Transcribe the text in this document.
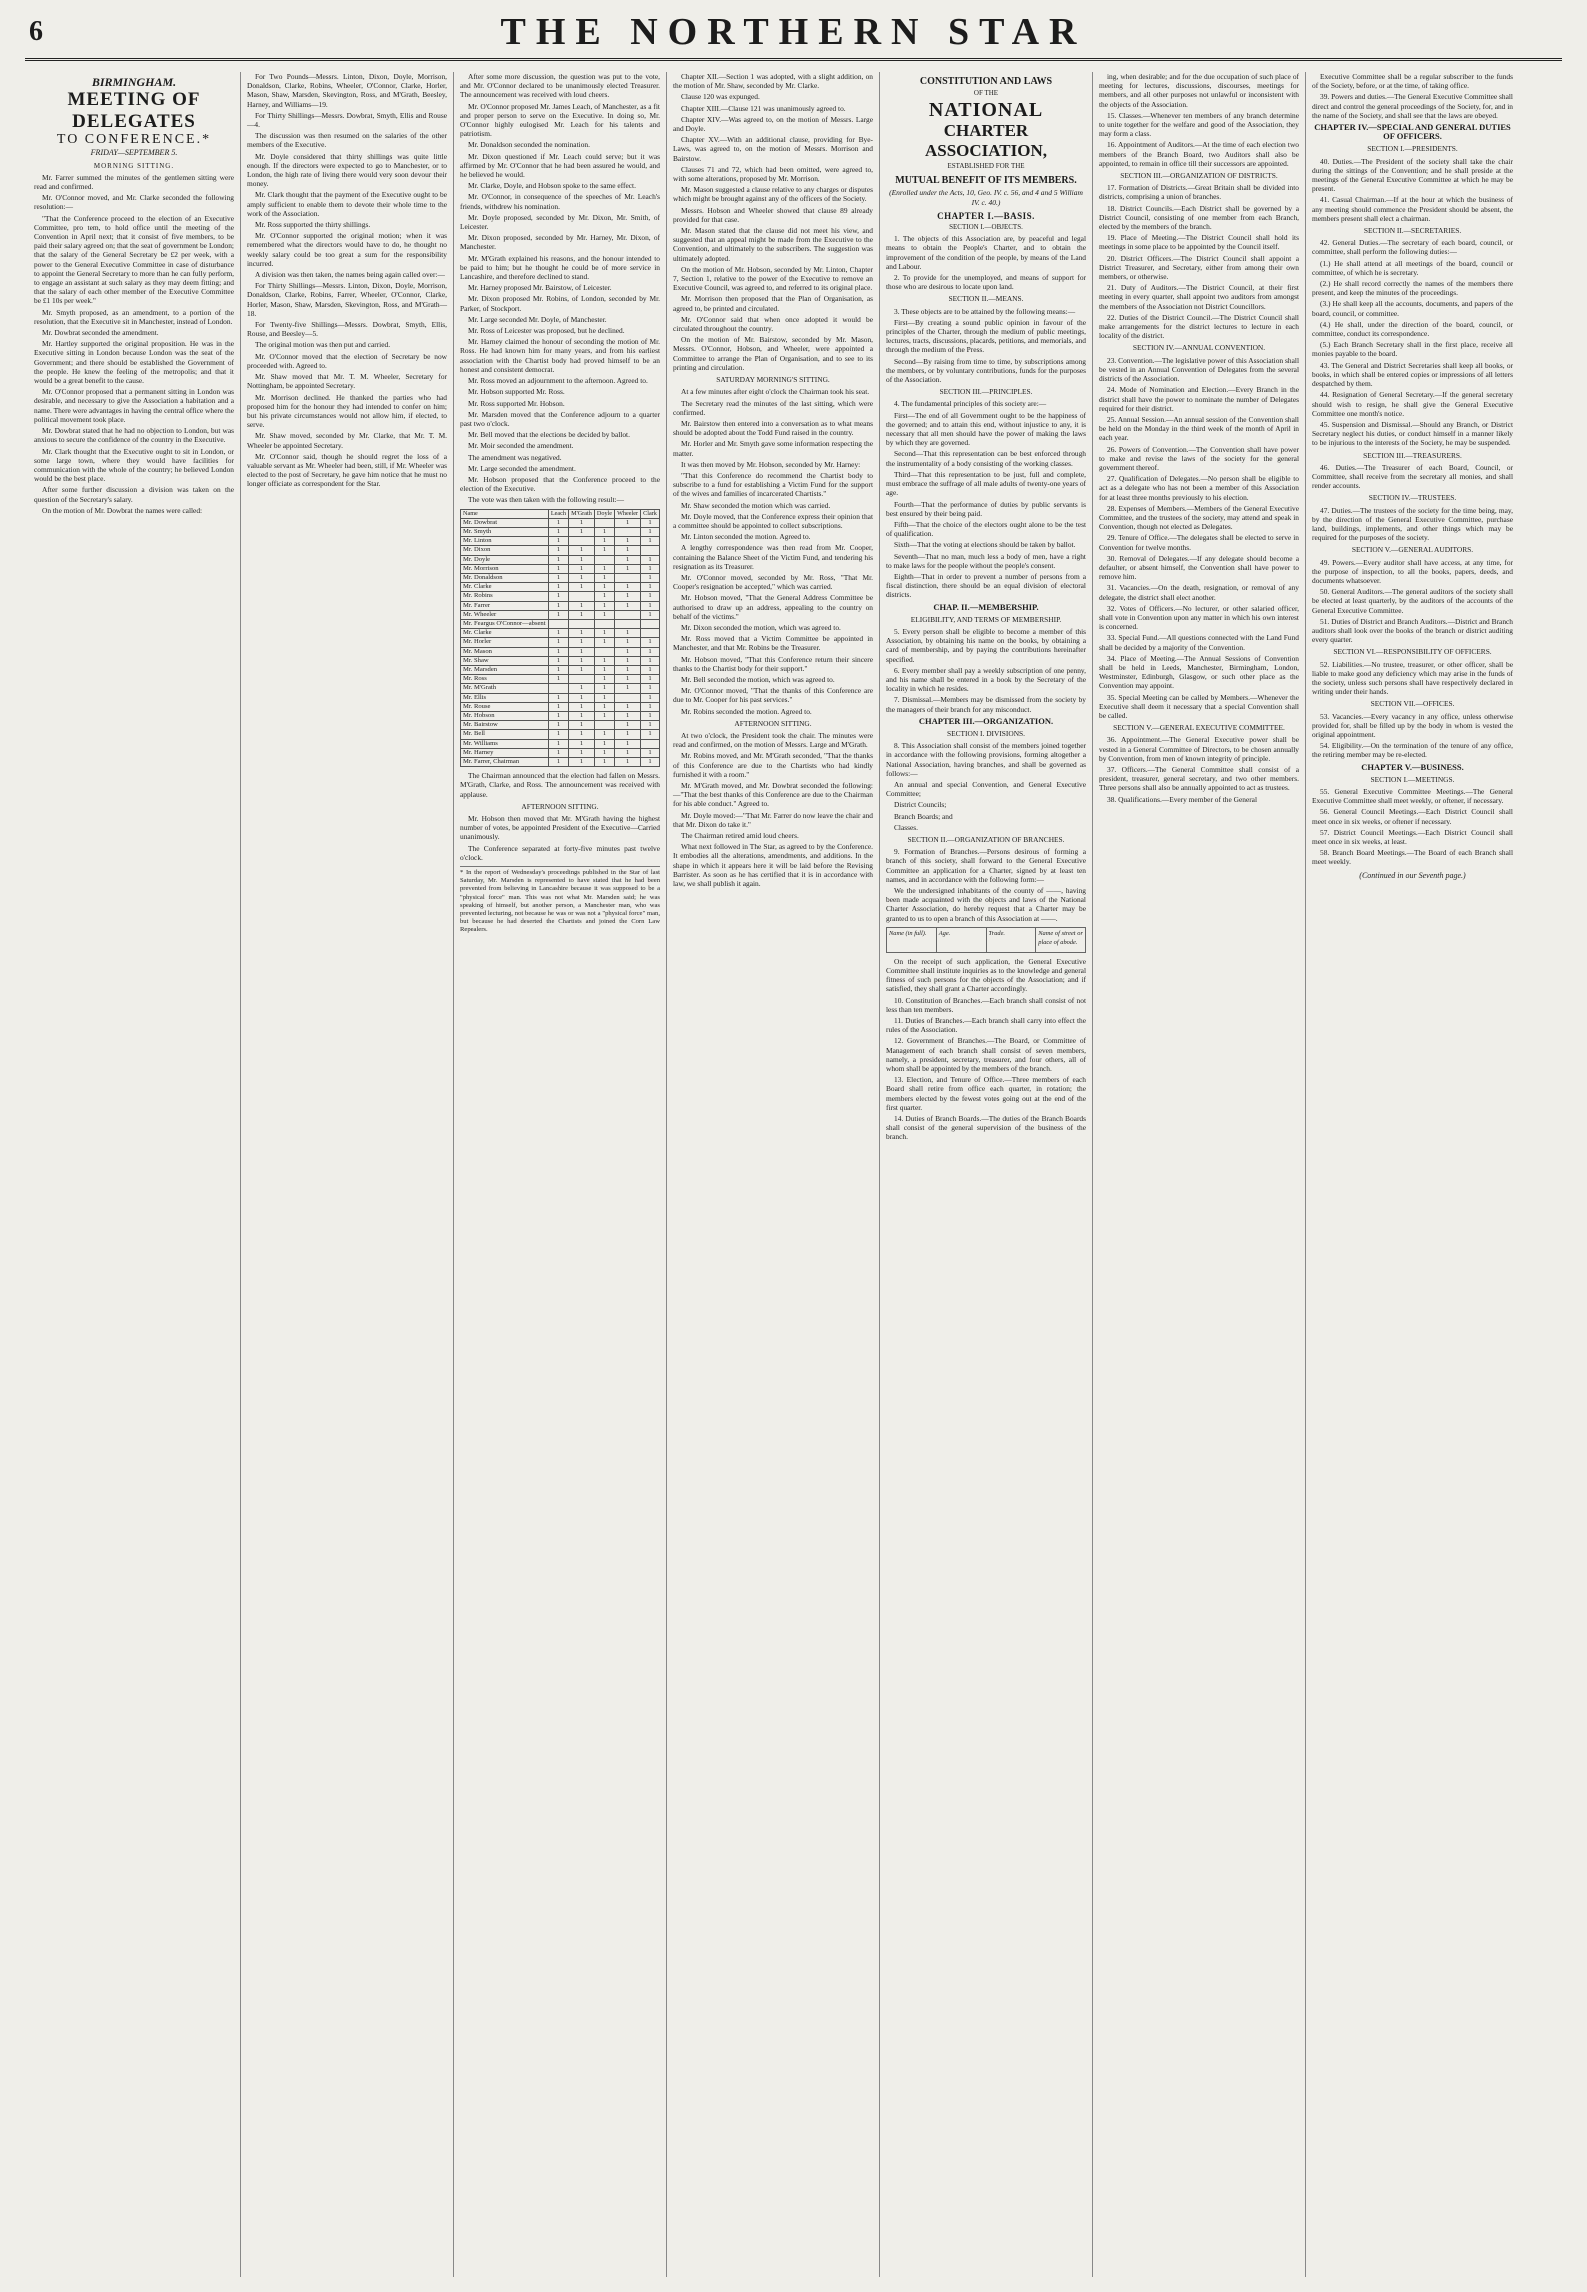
6	THE NORTHERN STAR
BIRMINGHAM.
MEETING OF DELEGATES
TO CONFERENCE.*
FRIDAY—SEPTEMBER 5.
MORNING SITTING.

Mr. Farrer summed the minutes of the gentlemen sitting were read and confirmed.

Mr. O'Connor moved, and Mr. Clarke seconded the following resolution:—

"That the Conference proceed to the election of an Executive Committee, pro tem, to hold office until the meeting of the Convention in April next; that it consist of five members, to be paid their salary agreed on; that the seat of government be London; that the salary of the General Secretary be £2 per week, with a power to the General Executive Committee in case of disturbance to appoint the General Secretary to more than he can fully perform, to engage an assistant at such salary as they may deem fitting; and that the salary of each other member of the Executive Committee be £1 10s per week."

Mr. Smyth proposed, as an amendment, to a portion of the resolution, that the Executive sit in Manchester, instead of London.

Mr. Dowbrat seconded the amendment.

Mr. Hartley supported the original proposition. He was in the Executive sitting in London because London was the seat of the Government; and there should be established the Government of the people. He knew the feeling of the metropolis; and that it would be a great benefit to the cause.

Mr. O'Connor proposed that a permanent sitting in London was desirable, and necessary to give the Association a habitation and a name. There were advantages in having the central office where the political movement took place.

Mr. Dowbrat stated that he had no objection to London, but was anxious to secure the confidence of the country in the Executive.

Mr. Clark thought that the Executive ought to sit in London, or some large town, where they would have facilities for communication with the whole of the country; he believed London would be the best place.

After some further discussion a division was taken on the question of the Secretary's salary.

On the motion of Mr. Dowbrat the names were called:

For Two Pounds—Messrs. Linton, Dixon, Doyle, Morrison, Donaldson, Clarke, Robins, Wheeler, O'Connor, Clarke, Horler, Mason, Shaw, Marsden, Skevington, Ross, and M'Grath, Beesley, Harney, and Williams—19.

For Thirty Shillings—Messrs. Dowbrat, Smyth, Ellis and Rouse—4.

The discussion was then resumed on the salaries of the other members of the Executive.

Mr. Doyle considered that thirty shillings was quite little enough. If the directors were expected to go to Manchester, or to London, the high rate of living there would very soon devour their money.

Mr. Clark thought that the payment of the Executive ought to be amply sufficient to enable them to devote their whole time to the work of the Association.

Mr. Ross supported the thirty shillings.

Mr. O'Connor supported the original motion; when it was remembered what the directors would have to do, he thought no weekly salary could be too great a sum for the responsibility incurred.

A division was then taken, the names being again called over:—

For Thirty Shillings—Messrs. Linton, Dixon, Doyle, Morrison, Donaldson, Clarke, Robins, Farrer, Wheeler, O'Connor, Clarke, Horler, Mason, Shaw, Marsden, Skevington, Ross, and M'Grath—18.

For Twenty-five Shillings—Messrs. Dowbrat, Smyth, Ellis, Rouse, and Beesley—5.

The original motion was then put and carried.

Mr. O'Connor moved that the election of Secretary be now proceeded with. Agreed to.

Mr. Shaw moved that Mr. T. M. Wheeler, Secretary for Nottingham, be appointed Secretary.

Mr. Morrison declined. He thanked the parties who had proposed him for the honour they had intended to confer on him; but his private circumstances would not allow him, if elected, to serve.

Mr. Shaw moved, seconded by Mr. Clarke, that Mr. T. M. Wheeler be appointed Secretary.

Mr. O'Connor said, though he should regret the loss of a valuable servant as Mr. Wheeler had been, still, if Mr. Wheeler was elected to the post of Secretary, he gave him notice that he must no longer officiate as correspondent for the Star.

After some more discussion, the question was put to the vote, and Mr. O'Connor declared to be unanimously elected Treasurer. The announcement was received with loud cheers.

Mr. O'Connor proposed Mr. James Leach, of Manchester, as a fit and proper person to serve on the Executive. In doing so, Mr. O'Connor highly eulogised Mr. Leach for his talents and patriotism.

Mr. Donaldson seconded the nomination.

Mr. Dixon questioned if Mr. Leach could serve; but it was affirmed by Mr. O'Connor that he had been assured he would, and he believed he would.

Mr. Clarke, Doyle, and Hobson spoke to the same effect.

Mr. O'Connor, in consequence of the speeches of Mr. Leach's friends, withdrew his nomination.

Mr. Doyle proposed, seconded by Mr. Dixon, Mr. Smith, of Leicester.

Mr. Dixon proposed, seconded by Mr. Harney, Mr. Dixon, of Manchester.

Mr. M'Grath explained his reasons, and the honour intended to be paid to him; but he thought he could be of more service in Lancashire, and therefore declined to stand.

Mr. Harney proposed Mr. Bairstow, of Leicester.

Mr. Dixon proposed Mr. Robins, of London, seconded by Mr. Parker, of Stockport.

Mr. Large seconded Mr. Doyle, of Manchester.

Mr. Ross of Leicester was proposed, but he declined.

Mr. Harney claimed the honour of seconding the motion of Mr. Ross. He had known him for many years, and from his earliest association with the Chartist body had proved himself to be an honest and consistent democrat.

Mr. Ross moved an adjournment to the afternoon. Agreed to.

Mr. Hobson supported Mr. Ross.

Mr. Ross supported Mr. Hobson.

Mr. Marsden moved that the Conference adjourn to a quarter past two o'clock.

Mr. Bell moved that the elections be decided by ballot.

Mr. Moir seconded the amendment.

The amendment was negatived.

Mr. Large seconded the amendment.

Mr. Hobson proposed that the Conference proceed to the election of the Executive.

The vote was then taken with the following result:—

Name	Leach	M'Grath	Doyle	Wheeler	Clark
Mr. Dowbrat	1	1		1	1
Mr. Smyth	1	1	1		1
Mr. Linton	1		1	1	1
Mr. Dixon	1	1	1	1	
Mr. Doyle	1	1		1	1
Mr. Morrison	1	1	1	1	1
Mr. Donaldson	1	1	1		1
Mr. Clarke	1	1	1	1	1
Mr. Robins	1		1	1	1
Mr. Farrer	1	1	1	1	1
Mr. Wheeler	1	1	1		1
Mr. Feargus O'Connor—absent					
Mr. Clarke	1	1	1	1	
Mr. Horler	1	1	1	1	1
Mr. Mason	1	1		1	1
Mr. Shaw	1	1	1	1	1
Mr. Marsden	1	1	1	1	1
Mr. Ross	1		1	1	1
Mr. M'Grath		1	1	1	1
Mr. Ellis	1	1	1		1
Mr. Rouse	1	1	1	1	1
Mr. Hobson	1	1	1	1	1
Mr. Bairstow	1	1		1	1
Mr. Bell	1	1	1	1	1
Mr. Williams	1	1	1	1	
Mr. Harney	1	1	1	1	1
Mr. Farrer, Chairman	1	1	1	1	1

The Chairman announced that the election had fallen on Messrs. M'Grath, Clarke, and Ross. The announcement was received with applause.

AFTERNOON SITTING.

Mr. Hobson then moved that Mr. M'Grath having the highest number of votes, be appointed President of the Executive—Carried unanimously.

The Conference separated at forty-five minutes past twelve o'clock.

* In the report of Wednesday's proceedings published in the Star of last Saturday, Mr. Marsden is represented to have stated that he had been prevented from believing in Lancashire because it was supposed to be a "physical force" man. This was not what Mr. Marsden said; he was speaking of himself, but another person, a Manchester man, who was prevented lecturing, not because he was or was not a "physical force" man, but because he had deserted the Chartists and joined the Corn Law Repealers.

Chapter XII.—Section 1 was adopted, with a slight addition, on the motion of Mr. Shaw, seconded by Mr. Clarke.

Clause 120 was expunged.

Chapter XIII.—Clause 121 was unanimously agreed to.

Chapter XIV.—Was agreed to, on the motion of Messrs. Large and Doyle.

Chapter XV.—With an additional clause, providing for Bye-Laws, was agreed to, on the motion of Messrs. Morrison and Bairstow.

Clauses 71 and 72, which had been omitted, were agreed to, with some alterations, proposed by Mr. Morrison.

Mr. Mason suggested a clause relative to any charges or disputes which might be brought against any of the officers of the Society.

Messrs. Hobson and Wheeler showed that clause 89 already provided for that case.

Mr. Mason stated that the clause did not meet his view, and suggested that an appeal might be made from the Executive to the Convention, and ultimately to the subscribers. The suggestion was ultimately adopted.

On the motion of Mr. Hobson, seconded by Mr. Linton, Chapter 7, Section 1, relative to the power of the Executive to remove an Executive Council, was agreed to, and referred to its original place.

Mr. Morrison then proposed that the Plan of Organisation, as agreed to, be printed and circulated.

Mr. O'Connor said that when once adopted it would be circulated throughout the country.

On the motion of Mr. Bairstow, seconded by Mr. Mason, Messrs. O'Connor, Hobson, and Wheeler, were appointed a Committee to arrange the Plan of Organisation, and to see to its printing and circulation.

SATURDAY MORNING'S SITTING.

At a few minutes after eight o'clock the Chairman took his seat.

The Secretary read the minutes of the last sitting, which were confirmed.

Mr. Bairstow then entered into a conversation as to what means should be adopted about the Todd Fund raised in the country.

Mr. Horler and Mr. Smyth gave some information respecting the matter.

It was then moved by Mr. Hobson, seconded by Mr. Harney:

"That this Conference do recommend the Chartist body to subscribe to a fund for establishing a Victim Fund for the support of the wives and families of incarcerated Chartists."

Mr. Shaw seconded the motion which was carried.

Mr. Doyle moved, that the Conference express their opinion that a committee should be appointed to collect subscriptions.

Mr. Linton seconded the motion. Agreed to.

A lengthy correspondence was then read from Mr. Cooper, containing the Balance Sheet of the Victim Fund, and tendering his resignation as its Treasurer.

Mr. O'Connor moved, seconded by Mr. Ross, "That Mr. Cooper's resignation be accepted," which was carried.

Mr. Hobson moved, "That the General Address Committee be authorised to draw up an address, appealing to the country on behalf of the victims."

Mr. Dixon seconded the motion, which was agreed to.

Mr. Ross moved that a Victim Committee be appointed in Manchester, and that Mr. Robins be the Treasurer.

Mr. Hobson moved, "That this Conference return their sincere thanks to the Chartist body for their support."

Mr. Bell seconded the motion, which was agreed to.

Mr. O'Connor moved, "That the thanks of this Conference are due to Mr. Cooper for his past services."

Mr. Robins seconded the motion. Agreed to.

AFTERNOON SITTING.

At two o'clock, the President took the chair. The minutes were read and confirmed, on the motion of Messrs. Large and M'Grath.

Mr. Robins moved, and Mr. M'Grath seconded, "That the thanks of this Conference are due to the Chartists who had kindly furnished it with a room."

Mr. M'Grath moved, and Mr. Dowbrat seconded the following:—"That the best thanks of this Conference are due to the Chairman for his able conduct." Agreed to.

Mr. Doyle moved:—"That Mr. Farrer do now leave the chair and that Mr. Dixon do take it."

The Chairman retired amid loud cheers.

What next followed in The Star, as agreed to by the Conference. It embodies all the alterations, amendments, and additions. In the shape in which it appears here it will be laid before the Revising Barrister. As soon as he has certified that it is in accordance with law, we shall publish it again.

CONSTITUTION AND LAWS
OF THE
NATIONAL
CHARTER ASSOCIATION,
ESTABLISHED FOR THE
MUTUAL BENEFIT OF ITS MEMBERS.
(Enrolled under the Acts, 10, Geo. IV. c. 56, and 4 and 5 William IV. c. 40.)
CHAPTER I.—BASIS.
SECTION I.—OBJECTS.

1. The objects of this Association are, by peaceful and legal means to obtain the People's Charter, and to obtain the improvement of the condition of the people, by means of the Land and Labour.

2. To provide for the unemployed, and means of support for those who are desirous to locate upon land.

SECTION II.—MEANS.

3. These objects are to be attained by the following means:—

First—By creating a sound public opinion in favour of the principles of the Charter, through the medium of public meetings, lectures, tracts, discussions, placards, petitions, and memorials, and through the medium of the Press.

Second—By raising from time to time, by subscriptions among the members, or by voluntary contributions, funds for the purposes of the Association.

SECTION III.—PRINCIPLES.

4. The fundamental principles of this society are:—

First—The end of all Government ought to be the happiness of the governed; and to attain this end, without injustice to any, it is necessary that all men should have the power of making the laws by which they are governed.

Second—That this representation can be best enforced through the instrumentality of a body consisting of the working classes.

Third—That this representation to be just, full and complete, must embrace the suffrage of all male adults of twenty-one years of age.

Fourth—That the performance of duties by public servants is best ensured by their being paid.

Fifth—That the choice of the electors ought alone to be the test of qualification.

Sixth—That the voting at elections should be taken by ballot.

Seventh—That no man, much less a body of men, have a right to make laws for the people without the people's consent.

Eighth—That in order to prevent a number of persons from a fiscal distinction, there should be an equal division of electoral districts.

CHAP. II.—MEMBERSHIP.

ELIGIBILITY, AND TERMS OF MEMBERSHIP.

5. Every person shall be eligible to become a member of this Association, by obtaining his name on the books, by obtaining a card of membership, and by paying the contributions hereinafter specified.

6. Every member shall pay a weekly subscription of one penny, and his name shall be entered in a book by the Secretary of the locality in which he resides.

7. Dismissal.—Members may be dismissed from the society by the managers of their branch for any misconduct.

CHAPTER III.—ORGANIZATION.

SECTION I. DIVISIONS.

8. This Association shall consist of the members joined together in accordance with the following provisions, forming altogether a National Association, having branches, and shall be governed as follows:—

An annual and special Convention, and General Executive Committee;

District Councils;

Branch Boards; and

Classes.

SECTION II.—ORGANIZATION OF BRANCHES.

9. Formation of Branches.—Persons desirous of forming a branch of this society, shall forward to the General Executive Committee an application for a Charter, signed by at least ten names, and in accordance with the following form:—

We the undersigned inhabitants of the county of ——, having been made acquainted with the objects and laws of the National Charter Association, do hereby request that a Charter may be granted to us to open a branch of this Association at ——.

Name (in full).	Age.	Trade.	Name of street or place of abode.

On the receipt of such application, the General Executive Committee shall institute inquiries as to the knowledge and general fitness of such persons for the objects of the Association; and if satisfied, they shall grant a Charter accordingly.

10. Constitution of Branches.—Each branch shall consist of not less than ten members.

11. Duties of Branches.—Each branch shall carry into effect the rules of the Association.

12. Government of Branches.—The Board, or Committee of Management of each branch shall consist of seven members, namely, a president, secretary, treasurer, and four others, all of whom shall be appointed by the members of the branch.

13. Election, and Tenure of Office.—Three members of each Board shall retire from office each quarter, in rotation; the members elected by the fewest votes going out at the end of the first quarter.

14. Duties of Branch Boards.—The duties of the Branch Boards shall consist of the general supervision of the business of the branch.

ing, when desirable; and for the due occupation of such place of meeting for lectures, discussions, discourses, meetings for members, and all other purposes not unlawful or inconsistent with the objects of the Association.

15. Classes.—Whenever ten members of any branch determine to unite together for the welfare and good of the Association, they may form a class.

16. Appointment of Auditors.—At the time of each election two members of the Branch Board, two Auditors shall also be appointed, to remain in office till their successors are appointed.

SECTION III.—ORGANIZATION OF DISTRICTS.

17. Formation of Districts.—Great Britain shall be divided into districts, comprising a union of branches.

18. District Councils.—Each District shall be governed by a District Council, consisting of one member from each Branch, elected by the members of the branch.

19. Place of Meeting.—The District Council shall hold its meetings in some place to be appointed by the Council itself.

20. District Officers.—The District Council shall appoint a District Treasurer, and Secretary, either from among their own members, or otherwise.

21. Duty of Auditors.—The District Council, at their first meeting in every quarter, shall appoint two auditors from amongst the members of the Association not District Councillors.

22. Duties of the District Council.—The District Council shall make arrangements for the district lectures to lecture in each locality of the district.

SECTION IV.—ANNUAL CONVENTION.

23. Convention.—The legislative power of this Association shall be vested in an Annual Convention of Delegates from the several districts of the Association.

24. Mode of Nomination and Election.—Every Branch in the district shall have the power to nominate the number of Delegates required for their district.

25. Annual Session.—An annual session of the Convention shall be held on the Monday in the third week of the month of April in each year.

26. Powers of Convention.—The Convention shall have power to make and revise the laws of the society for the general government thereof.

27. Qualification of Delegates.—No person shall be eligible to act as a delegate who has not been a member of this Association for at least three months previously to his election.

28. Expenses of Members.—Members of the General Executive Committee, and the trustees of the society, may attend and speak in Convention, though not elected as Delegates.

29. Tenure of Office.—The delegates shall be elected to serve in Convention for twelve months.

30. Removal of Delegates.—If any delegate should become a defaulter, or absent himself, the Convention shall have power to remove him.

31. Vacancies.—On the death, resignation, or removal of any delegate, the district shall elect another.

32. Votes of Officers.—No lecturer, or other salaried officer, shall vote in Convention upon any matter in which his own interest is concerned.

33. Special Fund.—All questions connected with the Land Fund shall be decided by a majority of the Convention.

34. Place of Meeting.—The Annual Sessions of Convention shall be held in Leeds, Manchester, Birmingham, London, Westminster, Edinburgh, Glasgow, or such other place as the Convention may appoint.

35. Special Meeting can be called by Members.—Whenever the Executive shall deem it necessary that a special Convention shall be called.

SECTION V.—GENERAL EXECUTIVE COMMITTEE.

36. Appointment.—The General Executive power shall be vested in a General Committee of Directors, to be chosen annually by Convention, from men of known integrity of principle.

37. Officers.—The General Committee shall consist of a president, treasurer, general secretary, and two other members. Three persons shall also be annually appointed to act as trustees.

38. Qualifications.—Every member of the General

Executive Committee shall be a regular subscriber to the funds of the Society, before, or at the time, of taking office.

39. Powers and duties.—The General Executive Committee shall direct and control the general proceedings of the Society, for, and in the name of the Society, and shall see that the laws are obeyed.

CHAPTER IV.—SPECIAL AND GENERAL DUTIES OF OFFICERS.

SECTION I.—PRESIDENTS.

40. Duties.—The President of the society shall take the chair during the sittings of the Convention; and he shall preside at the meetings of the General Executive Committee at which he may be present.

41. Casual Chairman.—If at the hour at which the business of any meeting should commence the President should be absent, the members present shall elect a chairman.

SECTION II.—SECRETARIES.

42. General Duties.—The secretary of each board, council, or committee, shall perform the following duties:—

(1.) He shall attend at all meetings of the board, council or committee, of which he is secretary.

(2.) He shall record correctly the names of the members there present, and keep the minutes of the proceedings.

(3.) He shall keep all the accounts, documents, and papers of the board, council, or committee.

(4.) He shall, under the direction of the board, council, or committee, conduct its correspondence.

(5.) Each Branch Secretary shall in the first place, receive all monies payable to the board.

43. The General and District Secretaries shall keep all books, or books, in which shall be entered copies or impressions of all letters despatched by them.

44. Resignation of General Secretary.—If the general secretary should wish to resign, he shall give the General Executive Committee one month's notice.

45. Suspension and Dismissal.—Should any Branch, or District Secretary neglect his duties, or conduct himself in a manner likely to be injurious to the interests of the Society, he may be suspended.

SECTION III.—TREASURERS.

46. Duties.—The Treasurer of each Board, Council, or Committee, shall receive from the secretary all monies, and shall render accounts.

SECTION IV.—TRUSTEES.

47. Duties.—The trustees of the society for the time being, may, by the direction of the General Executive Committee, purchase land, buildings, implements, and other things which may be required for the purposes of the society.

SECTION V.—GENERAL AUDITORS.

49. Powers.—Every auditor shall have access, at any time, for the purpose of inspection, to all the books, papers, deeds, and documents whatsoever.

50. General Auditors.—The general auditors of the society shall be elected at least quarterly, by the auditors of the accounts of the General Executive Committee.

51. Duties of District and Branch Auditors.—District and Branch auditors shall look over the books of the branch or district auditing every quarter.

SECTION VI.—RESPONSIBILITY OF OFFICERS.

52. Liabilities.—No trustee, treasurer, or other officer, shall be liable to make good any deficiency which may arise in the funds of the society, unless such persons shall have respectively declared in writing under their hands.

SECTION VII.—OFFICES.

53. Vacancies.—Every vacancy in any office, unless otherwise provided for, shall be filled up by the body in whom is vested the original appointment.

54. Eligibility.—On the termination of the tenure of any office, the retiring member may be re-elected.

CHAPTER V.—BUSINESS.

SECTION I.—MEETINGS.

55. General Executive Committee Meetings.—The General Executive Committee shall meet weekly, or oftener, if necessary.

56. General Council Meetings.—Each District Council shall meet once in six weeks, or oftener if necessary.

57. District Council Meetings.—Each District Council shall meet once in six weeks, at least.

58. Branch Board Meetings.—The Board of each Branch shall meet weekly.

(Continued in our Seventh page.)
